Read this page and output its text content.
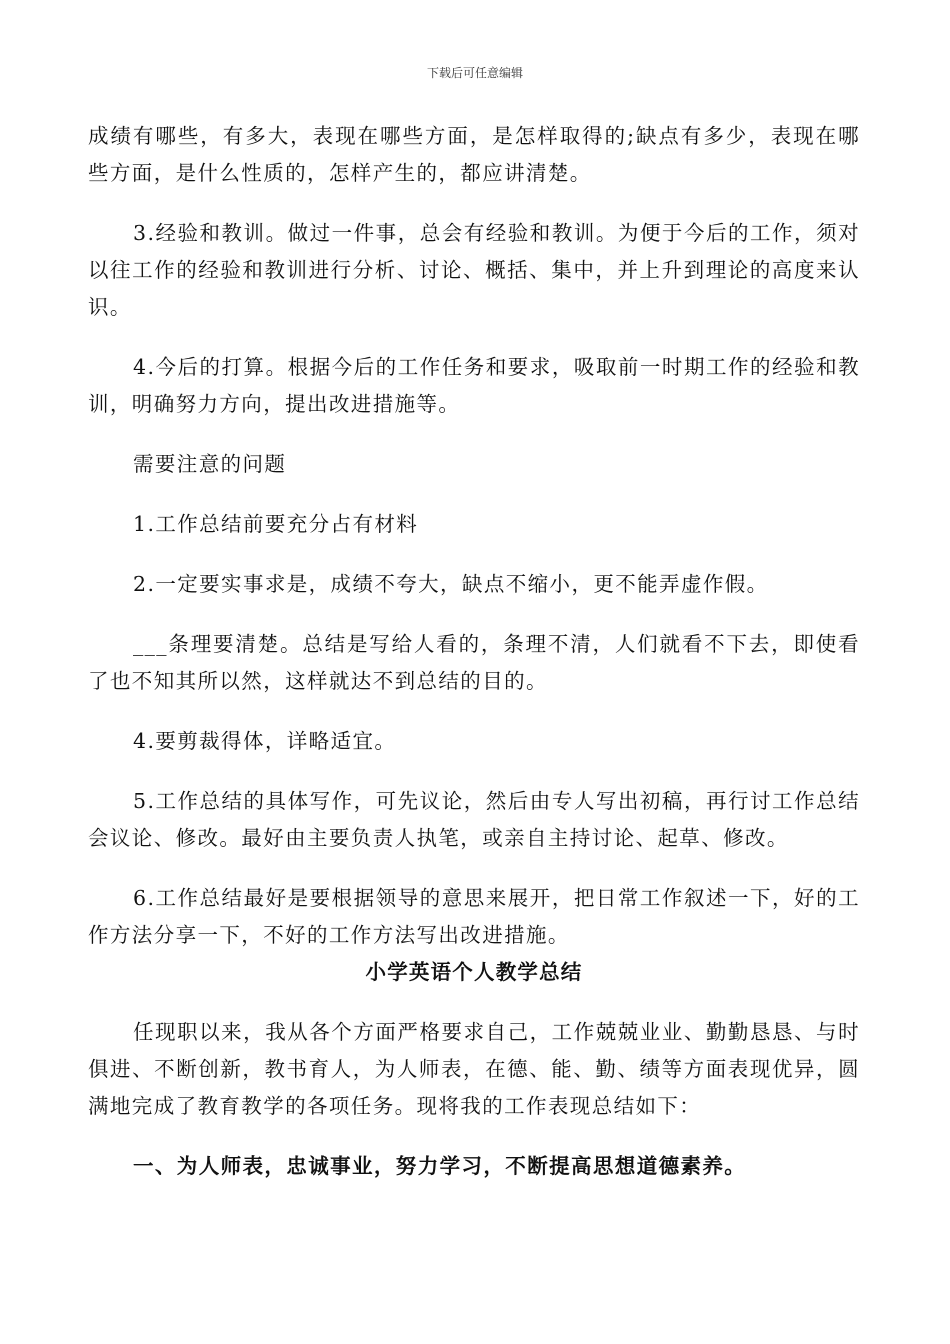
下载后可任意编辑

成绩有哪些，有多大，表现在哪些方面，是怎样取得的;缺点有多少，表现在哪些方面，是什么性质的，怎样产生的，都应讲清楚。

3.经验和教训。做过一件事，总会有经验和教训。为便于今后的工作，须对以往工作的经验和教训进行分析、讨论、概括、集中，并上升到理论的高度来认识。

4.今后的打算。根据今后的工作任务和要求，吸取前一时期工作的经验和教训，明确努力方向，提出改进措施等。

需要注意的问题

1.工作总结前要充分占有材料

2.一定要实事求是，成绩不夸大，缺点不缩小，更不能弄虚作假。

___条理要清楚。总结是写给人看的，条理不清，人们就看不下去，即使看了也不知其所以然，这样就达不到总结的目的。

4.要剪裁得体，详略适宜。

5.工作总结的具体写作，可先议论，然后由专人写出初稿，再行讨工作总结会议论、修改。最好由主要负责人执笔，或亲自主持讨论、起草、修改。

6.工作总结最好是要根据领导的意思来展开，把日常工作叙述一下，好的工作方法分享一下，不好的工作方法写出改进措施。

小学英语个人教学总结

任现职以来，我从各个方面严格要求自己，工作兢兢业业、勤勤恳恳、与时俱进、不断创新，教书育人，为人师表，在德、能、勤、绩等方面表现优异，圆满地完成了教育教学的各项任务。现将我的工作表现总结如下：

一、为人师表，忠诚事业，努力学习，不断提高思想道德素养。
